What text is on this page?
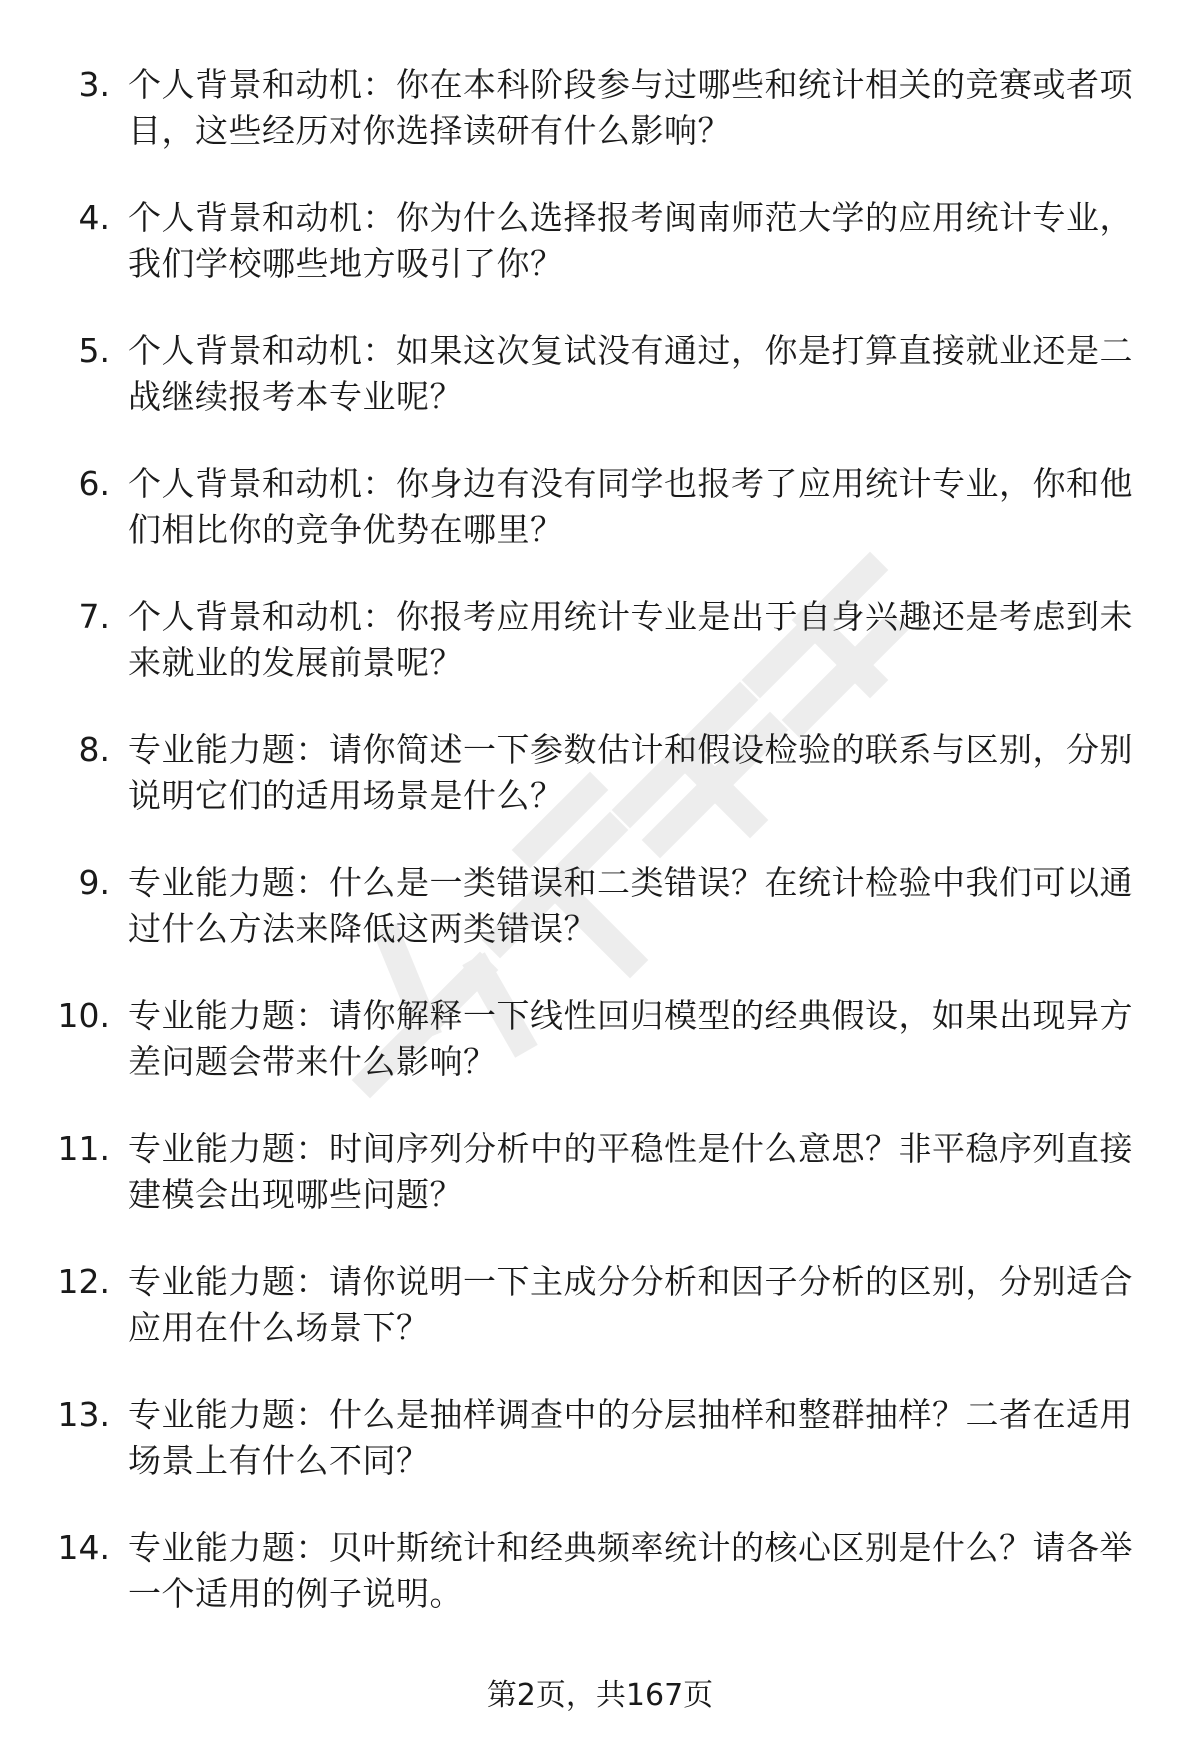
3. 个人背景和动机：你在本科阶段参与过哪些和统计相关的竞赛或者项目，这些经历对你选择读研有什么影响？
4. 个人背景和动机：你为什么选择报考闽南师范大学的应用统计专业，我们学校哪些地方吸引了你？
5. 个人背景和动机：如果这次复试没有通过，你是打算直接就业还是二战继续报考本专业呢？
6. 个人背景和动机：你身边有没有同学也报考了应用统计专业，你和他们相比你的竞争优势在哪里？
7. 个人背景和动机：你报考应用统计专业是出于自身兴趣还是考虑到未来就业的发展前景呢？
8. 专业能力题：请你简述一下参数估计和假设检验的联系与区别，分别说明它们的适用场景是什么？
9. 专业能力题：什么是一类错误和二类错误？在统计检验中我们可以通过什么方法来降低这两类错误？
10. 专业能力题：请你解释一下线性回归模型的经典假设，如果出现异方差问题会带来什么影响？
11. 专业能力题：时间序列分析中的平稳性是什么意思？非平稳序列直接建模会出现哪些问题？
12. 专业能力题：请你说明一下主成分分析和因子分析的区别，分别适合应用在什么场景下？
13. 专业能力题：什么是抽样调查中的分层抽样和整群抽样？二者在适用场景上有什么不同？
14. 专业能力题：贝叶斯统计和经典频率统计的核心区别是什么？请各举一个适用的例子说明。
第2页，共167页
